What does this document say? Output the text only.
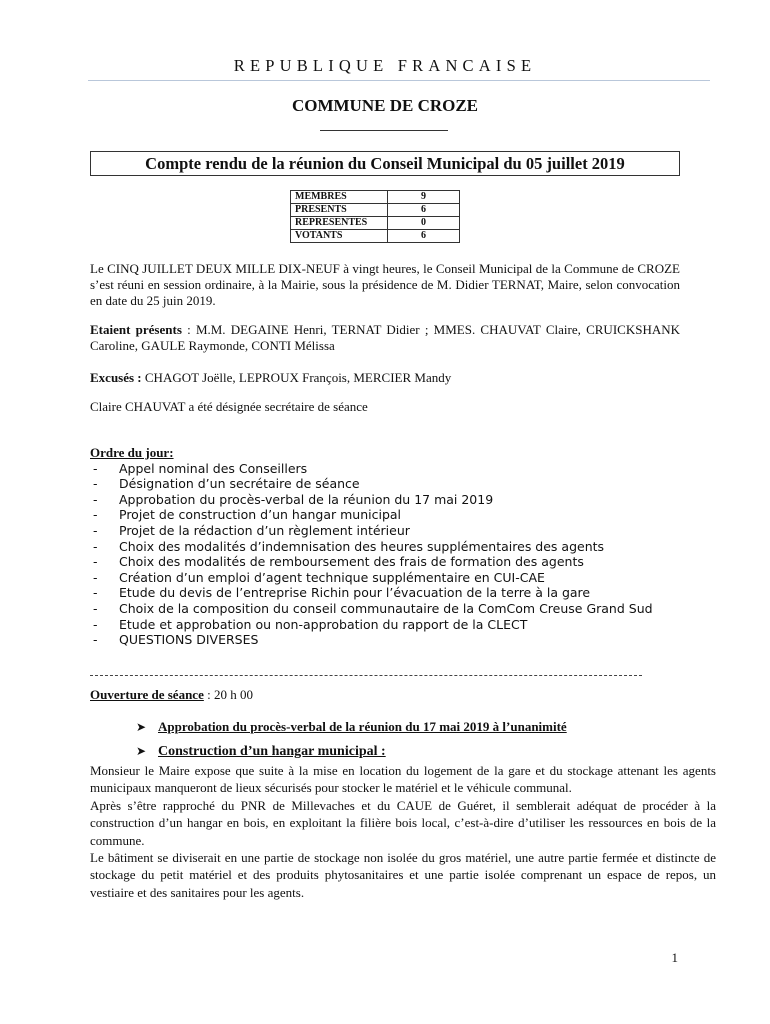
REPUBLIQUE FRANCAISE
COMMUNE DE CROZE
Compte rendu de la réunion du Conseil Municipal du 05 juillet 2019
MEMBRES	9
PRESENTS	6
REPRESENTES	0
VOTANTS	6
Le CINQ JUILLET DEUX MILLE DIX-NEUF à vingt heures, le Conseil Municipal de la Commune de CROZE s’est réuni en session ordinaire, à la Mairie, sous la présidence de M. Didier TERNAT, Maire, selon convocation en date du 25 juin 2019.
Etaient présents : M.M. DEGAINE Henri, TERNAT Didier ; MMES. CHAUVAT Claire, CRUICKSHANK Caroline, GAULE Raymonde, CONTI Mélissa
Excusés : CHAGOT Joëlle, LEPROUX François, MERCIER Mandy
Claire CHAUVAT a été désignée secrétaire de séance
Ordre du jour:
- Appel nominal des Conseillers
- Désignation d’un secrétaire de séance
- Approbation du procès-verbal de la réunion du 17 mai 2019
- Projet de construction d’un hangar municipal
- Projet de la rédaction d’un règlement intérieur
- Choix des modalités d’indemnisation des heures supplémentaires des agents
- Choix des modalités de remboursement des frais de formation des agents
- Création d’un emploi d’agent technique supplémentaire en CUI-CAE
- Etude du devis de l’entreprise Richin pour l’évacuation de la terre à la gare
- Choix de la composition du conseil communautaire de la ComCom Creuse Grand Sud
- Etude et approbation ou non-approbation du rapport de la CLECT
- QUESTIONS DIVERSES
Ouverture de séance : 20 h 00
➤ Approbation du procès-verbal de la réunion du 17 mai 2019 à l’unanimité
➤ Construction d’un hangar municipal :

Monsieur le Maire expose que suite à la mise en location du logement de la gare et du stockage attenant les agents municipaux manqueront de lieux sécurisés pour stocker le matériel et le véhicule communal.

Après s’être rapproché du PNR de Millevaches et du CAUE de Guéret, il semblerait adéquat de procéder à la construction d’un hangar en bois, en exploitant la filière bois local, c’est-à-dire d’utiliser les ressources en bois de la commune.

Le bâtiment se diviserait en une partie de stockage non isolée du gros matériel, une autre partie fermée et distincte de stockage du petit matériel et des produits phytosanitaires et une partie isolée comprenant un espace de repos, un vestiaire et des sanitaires pour les agents.

1
